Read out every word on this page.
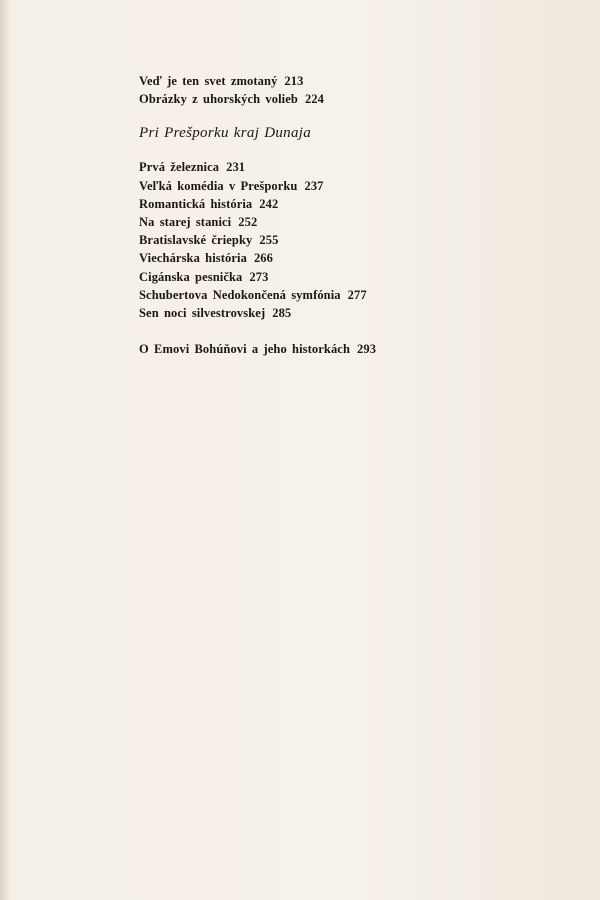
Veď je ten svet zmotaný 213
Obrázky z uhorských volieb 224
Pri Prešporku kraj Dunaja
Prvá železnica 231
Veľká komédia v Prešporku 237
Romantická história 242
Na starej stanici 252
Bratislavské čriepky 255
Viechárska história 266
Cigánska pesnička 273
Schubertova Nedokončená symfónia 277
Sen noci silvestrovskej 285
O Emovi Bohúňovi a jeho historkách 293
